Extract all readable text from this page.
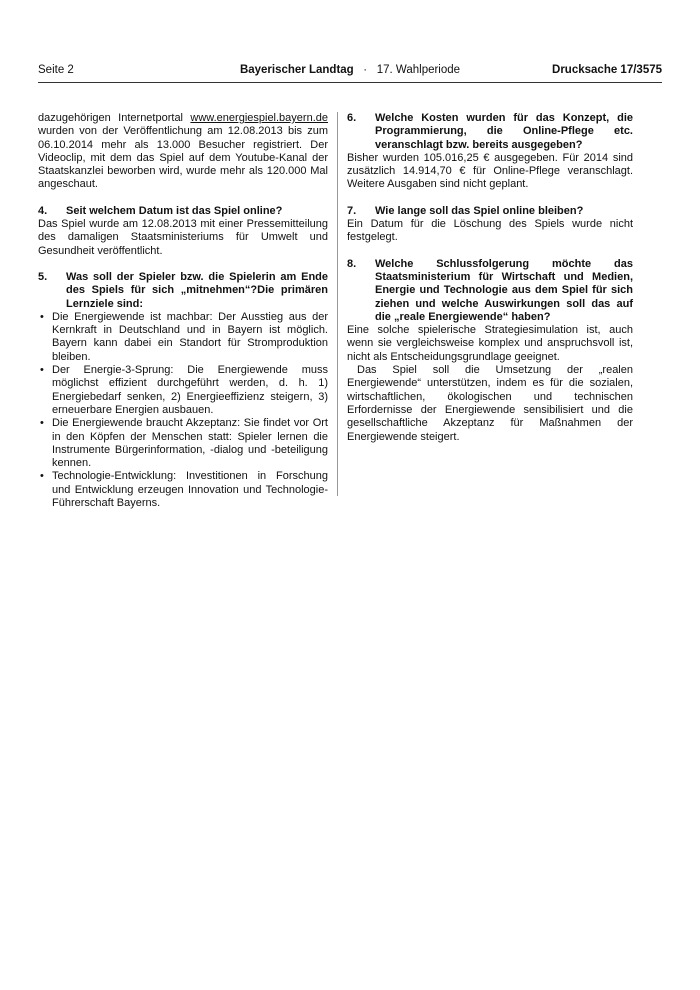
Seite 2	Bayerischer Landtag · 17. Wahlperiode	Drucksache 17/3575

dazugehörigen Internetportal www.energiespiel.bayern.de wurden von der Veröffentlichung am 12.08.2013 bis zum 06.10.2014 mehr als 13.000 Besucher registriert. Der Videoclip, mit dem das Spiel auf dem Youtube-Kanal der Staatskanzlei beworben wird, wurde mehr als 120.000 Mal angeschaut.

4.	Seit welchem Datum ist das Spiel online?

Das Spiel wurde am 12.08.2013 mit einer Pressemitteilung des damaligen Staatsministeriums für Umwelt und Gesundheit veröffentlicht.

5.	Was soll der Spieler bzw. die Spielerin am Ende des Spiels für sich „mitnehmen“?Die primären Lernziele sind:
• Die Energiewende ist machbar: Der Ausstieg aus der Kernkraft in Deutschland und in Bayern ist möglich. Bayern kann dabei ein Standort für Stromproduktion bleiben.
• Der Energie-3-Sprung: Die Energiewende muss möglichst effizient durchgeführt werden, d. h. 1) Energiebedarf senken, 2) Energieeffizienz steigern, 3) erneuerbare Energien ausbauen.
• Die Energiewende braucht Akzeptanz: Sie findet vor Ort in den Köpfen der Menschen statt: Spieler lernen die Instrumente Bürgerinformation, -dialog und -beteiligung kennen.
• Technologie-Entwicklung: Investitionen in Forschung und Entwicklung erzeugen Innovation und Technologie-Führerschaft Bayerns.
6.	Welche Kosten wurden für das Konzept, die Programmierung, die Online-Pflege etc. veranschlagt bzw. bereits ausgegeben?

Bisher wurden 105.016,25 € ausgegeben. Für 2014 sind zusätzlich 14.914,70 € für Online-Pflege veranschlagt. Weitere Ausgaben sind nicht geplant.

7.	Wie lange soll das Spiel online bleiben?

Ein Datum für die Löschung des Spiels wurde nicht festgelegt.

8.	Welche Schlussfolgerung möchte das Staatsministerium für Wirtschaft und Medien, Energie und Technologie aus dem Spiel für sich ziehen und welche Auswirkungen soll das auf die „reale Energiewende“ haben?

Eine solche spielerische Strategiesimulation ist, auch wenn sie vergleichsweise komplex und anspruchsvoll ist, nicht als Entscheidungsgrundlage geeignet.

Das Spiel soll die Umsetzung der „realen Energiewende“ unterstützen, indem es für die sozialen, wirtschaftlichen, ökologischen und technischen Erfordernisse der Energiewende sensibilisiert und die gesellschaftliche Akzeptanz für Maßnahmen der Energiewende steigert.
